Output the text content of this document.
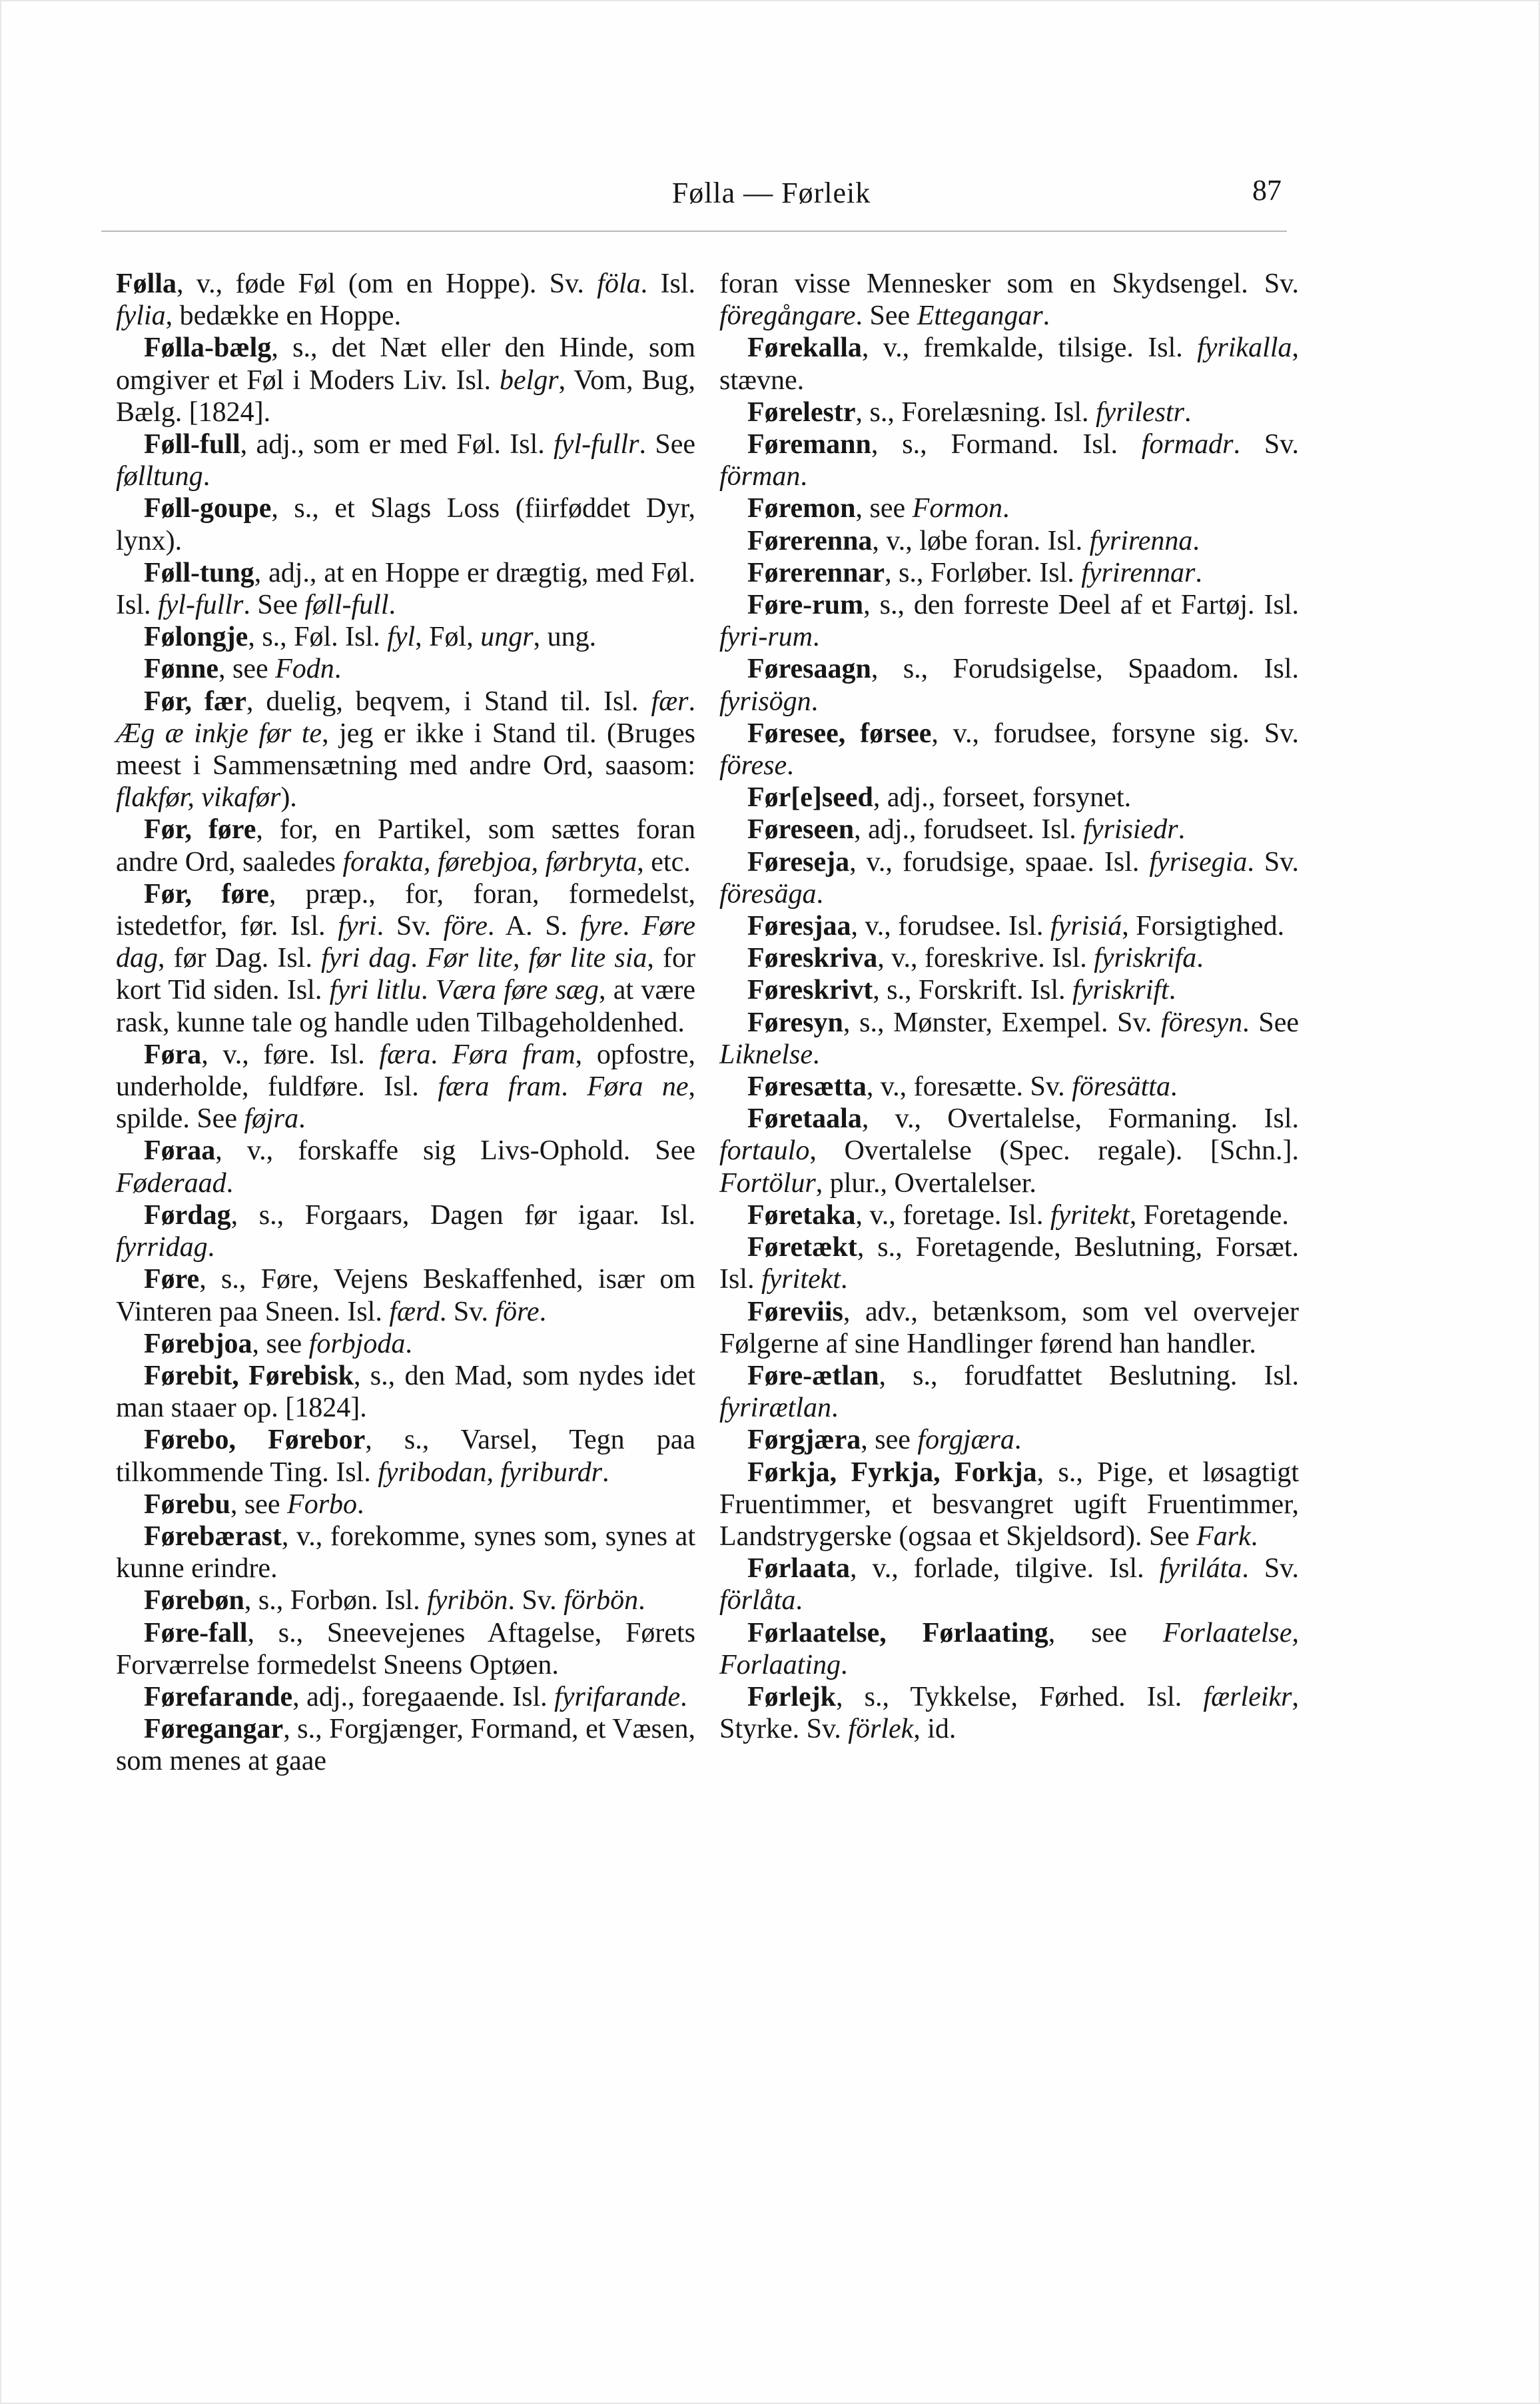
Følla — Førleik	87

Følla, v., føde Føl (om en Hoppe). Sv. föla. Isl. fylia, bedække en Hoppe.

Følla-bælg, s., det Næt eller den Hinde, som omgiver et Føl i Moders Liv. Isl. belgr, Vom, Bug, Bælg. [1824].

Føll-full, adj., som er med Føl. Isl. fyl-fullr. See følltung.

Føll-goupe, s., et Slags Loss (fiirføddet Dyr, lynx).

Føll-tung, adj., at en Hoppe er drægtig, med Føl. Isl. fyl-fullr. See føll-full.

Følongje, s., Føl. Isl. fyl, Føl, ungr, ung.

Fønne, see Fodn.

Før, fær, duelig, beqvem, i Stand til. Isl. fær. Æg æ inkje før te, jeg er ikke i Stand til. (Bruges meest i Sammensætning med andre Ord, saasom: flakfør, vikafør).

Før, føre, for, en Partikel, som sættes foran andre Ord, saaledes forakta, førebjoa, førbryta, etc.

Før, føre, præp., for, foran, formedelst, istedetfor, før. Isl. fyri. Sv. före. A. S. fyre. Føre dag, før Dag. Isl. fyri dag. Før lite, før lite sia, for kort Tid siden. Isl. fyri litlu. Væra føre sæg, at være rask, kunne tale og handle uden Tilbageholdenhed.

Føra, v., føre. Isl. færa. Føra fram, opfostre, underholde, fuldføre. Isl. færa fram. Føra ne, spilde. See føjra.

Føraa, v., forskaffe sig Livs-Ophold. See Føderaad.

Førdag, s., Forgaars, Dagen før igaar. Isl. fyrridag.

Føre, s., Føre, Vejens Beskaffenhed, især om Vinteren paa Sneen. Isl. færd. Sv. före.

Førebjoa, see forbjoda.

Førebit, Førebisk, s., den Mad, som nydes idet man staaer op. [1824].

Førebo, Førebor, s., Varsel, Tegn paa tilkommende Ting. Isl. fyribodan, fyriburdr.

Førebu, see Forbo.

Førebærast, v., forekomme, synes som, synes at kunne erindre.

Førebøn, s., Forbøn. Isl. fyribön. Sv. förbön.

Føre-fall, s., Sneevejenes Aftagelse, Førets Forværrelse formedelst Sneens Optøen.

Førefarande, adj., foregaaende. Isl. fyrifarande.

Føregangar, s., Forgjænger, Formand, et Væsen, som menes at gaae

foran visse Mennesker som en Skydsengel. Sv. föregångare. See Ettegangar.

Førekalla, v., fremkalde, tilsige. Isl. fyrikalla, stævne.

Førelestr, s., Forelæsning. Isl. fyrilestr.

Føremann, s., Formand. Isl. formadr. Sv. förman.

Føremon, see Formon.

Førerenna, v., løbe foran. Isl. fyrirenna.

Førerennar, s., Forløber. Isl. fyrirennar.

Føre-rum, s., den forreste Deel af et Fartøj. Isl. fyri-rum.

Føresaagn, s., Forudsigelse, Spaadom. Isl. fyrisögn.

Føresee, førsee, v., forudsee, forsyne sig. Sv. förese.

Før[e]seed, adj., forseet, forsynet.

Føreseen, adj., forudseet. Isl. fyrisiedr.

Føreseja, v., forudsige, spaae. Isl. fyrisegia. Sv. föresäga.

Føresjaa, v., forudsee. Isl. fyrisiá, Forsigtighed.

Føreskriva, v., foreskrive. Isl. fyriskrifa.

Føreskrivt, s., Forskrift. Isl. fyriskrift.

Føresyn, s., Mønster, Exempel. Sv. föresyn. See Liknelse.

Føresætta, v., foresætte. Sv. föresätta.

Føretaala, v., Overtalelse, Formaning. Isl. fortaulo, Overtalelse (Spec. regale). [Schn.]. Fortölur, plur., Overtalelser.

Føretaka, v., foretage. Isl. fyritekt, Foretagende.

Føretækt, s., Foretagende, Beslutning, Forsæt. Isl. fyritekt.

Føreviis, adv., betænksom, som vel overvejer Følgerne af sine Handlinger førend han handler.

Føre-ætlan, s., forudfattet Beslutning. Isl. fyrirætlan.

Førgjæra, see forgjæra.

Førkja, Fyrkja, Forkja, s., Pige, et løsagtigt Fruentimmer, et besvangret ugift Fruentimmer, Landstrygerske (ogsaa et Skjeldsord). See Fark.

Førlaata, v., forlade, tilgive. Isl. fyriláta. Sv. förlåta.

Førlaatelse, Førlaating, see Forlaatelse, Forlaating.

Førlejk, s., Tykkelse, Førhed. Isl. færleikr, Styrke. Sv. förlek, id.
